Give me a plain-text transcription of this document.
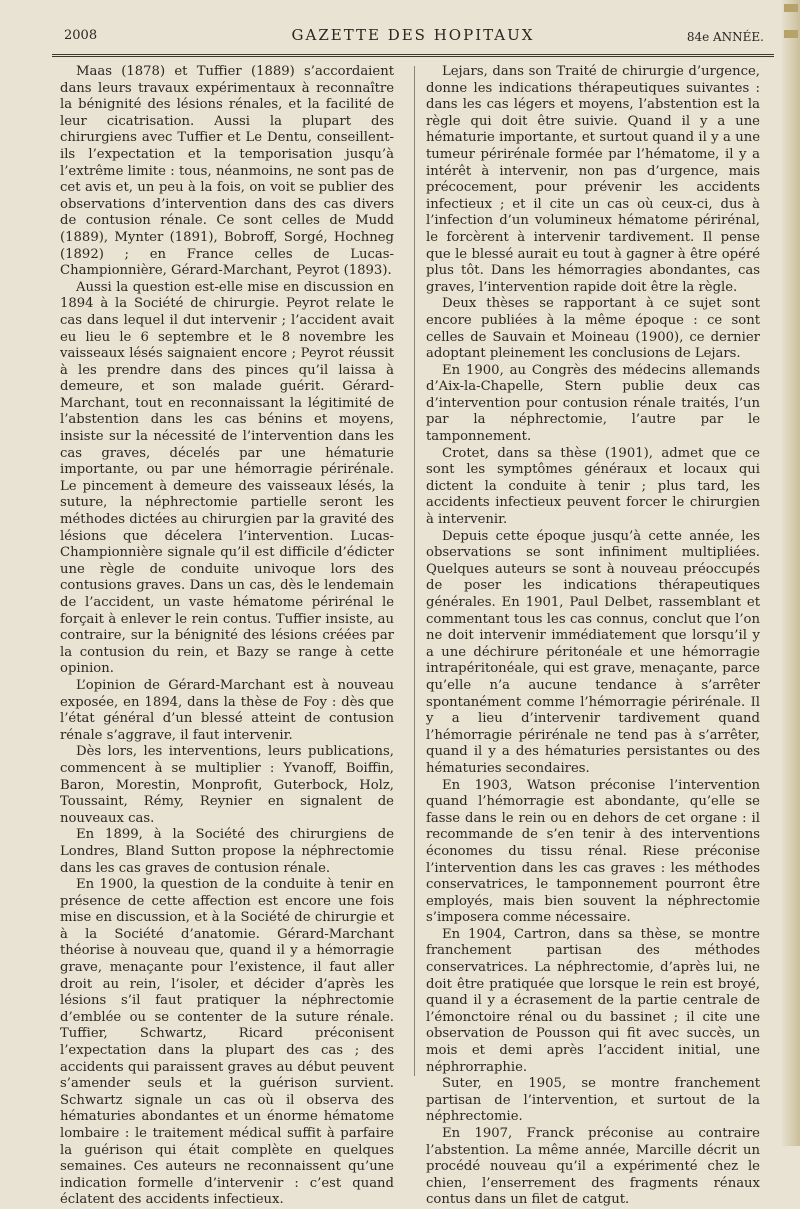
2008	GAZETTE DES HOPITAUX	84e ANNÉE.

Maas (1878) et Tuffier (1889) s’accordaient dans leurs travaux expérimentaux à reconnaître la bénignité des lésions rénales, et la facilité de leur cicatrisation. Aussi la plupart des chirurgiens avec Tuffier et Le Dentu, conseillent-ils l’expectation et la temporisation jusqu’à l’extrême limite : tous, néanmoins, ne sont pas de cet avis et, un peu à la fois, on voit se publier des observations d’intervention dans des cas divers de contusion rénale. Ce sont celles de Mudd (1889), Mynter (1891), Bobroff, Sorgé, Hochneg (1892) ; en France celles de Lucas-Championnière, Gérard-Marchant, Peyrot (1893).

Aussi la question est-elle mise en discussion en 1894 à la Société de chirurgie. Peyrot relate le cas dans lequel il dut intervenir ; l’accident avait eu lieu le 6 septembre et le 8 novembre les vaisseaux lésés saignaient encore ; Peyrot réussit à les prendre dans des pinces qu’il laissa à demeure, et son malade guérit. Gérard-Marchant, tout en reconnaissant la légitimité de l’abstention dans les cas bénins et moyens, insiste sur la nécessité de l’intervention dans les cas graves, décelés par une hématurie importante, ou par une hémorragie périrénale. Le pincement à demeure des vaisseaux lésés, la suture, la néphrectomie partielle seront les méthodes dictées au chirurgien par la gravité des lésions que décelera l’intervention. Lucas-Championnière signale qu’il est difficile d’édicter une règle de conduite univoque lors des contusions graves. Dans un cas, dès le lendemain de l’accident, un vaste hématome périrénal le forçait à enlever le rein contus. Tuffier insiste, au contraire, sur la bénignité des lésions créées par la contusion du rein, et Bazy se range à cette opinion.

L’opinion de Gérard-Marchant est à nouveau exposée, en 1894, dans la thèse de Foy : dès que l’état général d’un blessé atteint de contusion rénale s’aggrave, il faut intervenir.

Dès lors, les interventions, leurs publications, commencent à se multiplier : Yvanoff, Boiffin, Baron, Morestin, Monprofit, Guterbock, Holz, Toussaint, Rémy, Reynier en signalent de nouveaux cas.

En 1899, à la Société des chirurgiens de Londres, Bland Sutton propose la néphrectomie dans les cas graves de contusion rénale.

En 1900, la question de la conduite à tenir en présence de cette affection est encore une fois mise en discussion, et à la Société de chirurgie et à la Société d’anatomie. Gérard-Marchant théorise à nouveau que, quand il y a hémorragie grave, menaçante pour l’existence, il faut aller droit au rein, l’isoler, et décider d’après les lésions s’il faut pratiquer la néphrectomie d’emblée ou se contenter de la suture rénale. Tuffier, Schwartz, Ricard préconisent l’expectation dans la plupart des cas ; des accidents qui paraissent graves au début peuvent s’amender seuls et la guérison survient. Schwartz signale un cas où il observa des hématuries abondantes et un énorme hématome lombaire : le traitement médical suffit à parfaire la guérison qui était complète en quelques semaines. Ces auteurs ne reconnaissent qu’une indication formelle d’intervenir : c’est quand éclatent des accidents infectieux.

Lejars, dans son Traité de chirurgie d’urgence, donne les indications thérapeutiques suivantes : dans les cas légers et moyens, l’abstention est la règle qui doit être suivie. Quand il y a une hématurie importante, et surtout quand il y a une tumeur périrénale formée par l’hématome, il y a intérêt à intervenir, non pas d’urgence, mais précocement, pour prévenir les accidents infectieux ; et il cite un cas où ceux-ci, dus à l’infection d’un volumineux hématome périrénal, le forcèrent à intervenir tardivement. Il pense que le blessé aurait eu tout à gagner à être opéré plus tôt. Dans les hémorragies abondantes, cas graves, l’intervention rapide doit être la règle.

Deux thèses se rapportant à ce sujet sont encore publiées à la même époque : ce sont celles de Sauvain et Moineau (1900), ce dernier adoptant pleinement les conclusions de Lejars.

En 1900, au Congrès des médecins allemands d’Aix-la-Chapelle, Stern publie deux cas d’intervention pour contusion rénale traités, l’un par la néphrectomie, l’autre par le tamponnement.

Crotet, dans sa thèse (1901), admet que ce sont les symptômes généraux et locaux qui dictent la conduite à tenir ; plus tard, les accidents infectieux peuvent forcer le chirurgien à intervenir.

Depuis cette époque jusqu’à cette année, les observations se sont infiniment multipliées. Quelques auteurs se sont à nouveau préoccupés de poser les indications thérapeutiques générales. En 1901, Paul Delbet, rassemblant et commentant tous les cas connus, conclut que l’on ne doit intervenir immédiatement que lorsqu’il y a une déchirure péritonéale et une hémorragie intrapéritonéale, qui est grave, menaçante, parce qu’elle n’a aucune tendance à s’arrêter spontanément comme l’hémorragie périrénale. Il y a lieu d’intervenir tardivement quand l’hémorragie périrénale ne tend pas à s’arrêter, quand il y a des hématuries persistantes ou des hématuries secondaires.

En 1903, Watson préconise l’intervention quand l’hémorragie est abondante, qu’elle se fasse dans le rein ou en dehors de cet organe : il recommande de s’en tenir à des interventions économes du tissu rénal. Riese préconise l’intervention dans les cas graves : les méthodes conservatrices, le tamponnement pourront être employés, mais bien souvent la néphrectomie s’imposera comme nécessaire.

En 1904, Cartron, dans sa thèse, se montre franchement partisan des méthodes conservatrices. La néphrectomie, d’après lui, ne doit être pratiquée que lorsque le rein est broyé, quand il y a écrasement de la partie centrale de l’émonctoire rénal ou du bassinet ; il cite une observation de Pousson qui fit avec succès, un mois et demi après l’accident initial, une néphrorraphie.

Suter, en 1905, se montre franchement partisan de l’intervention, et surtout de la néphrectomie.

En 1907, Franck préconise au contraire l’abstention. La même année, Marcille décrit un procédé nouveau qu’il a expérimenté chez le chien, l’enserrement des fragments rénaux contus dans un filet de catgut.
